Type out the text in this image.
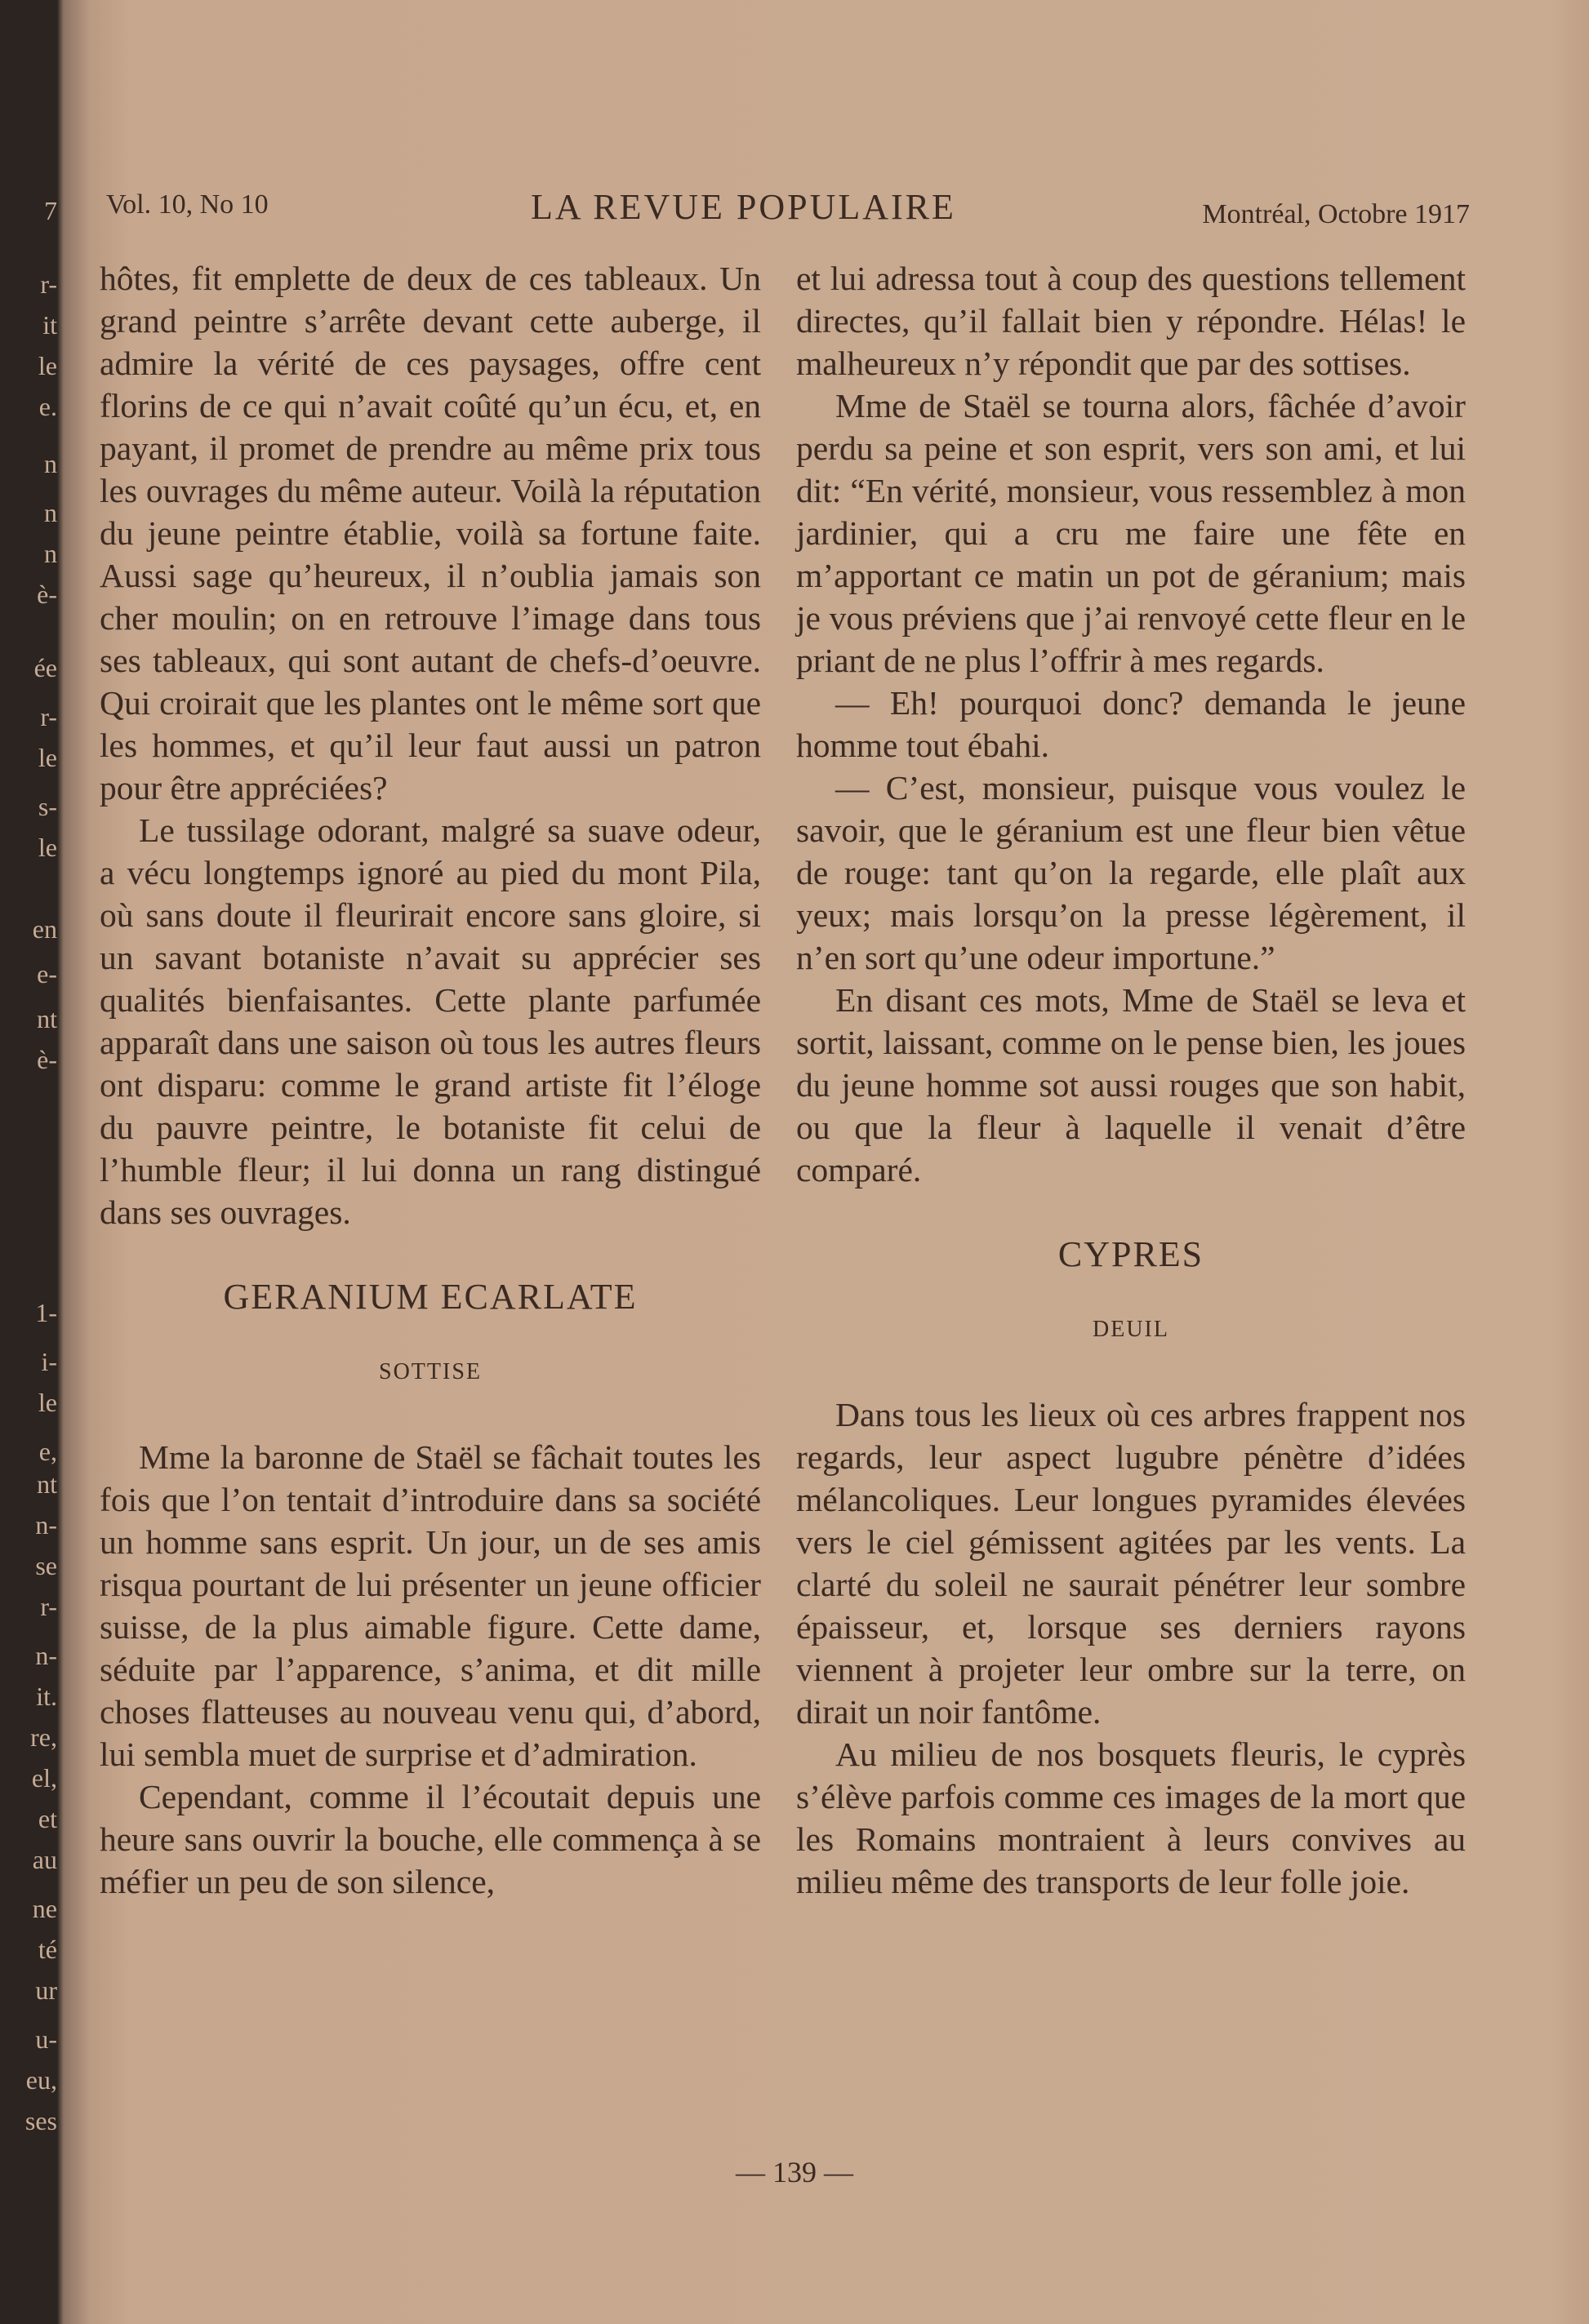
7
r-
it
le
e.
n
n
n
è-
ée
r-
le
s-
le
en
e-
nt
è-
1-
i-
le
e,
nt
n-
se
r-
n-
it.
re,
el,
et
au
ne
té
ur
u-
eu,
ses
Vol. 10, No 10	LA REVUE POPULAIRE	Montréal, Octobre 1917

hôtes, fit emplette de deux de ces tableaux. Un grand peintre s’arrête devant cette auberge, il admire la vérité de ces paysages, offre cent florins de ce qui n’avait coûté qu’un écu, et, en payant, il promet de prendre au même prix tous les ouvrages du même auteur. Voilà la réputation du jeune peintre établie, voilà sa fortune faite. Aussi sage qu’heureux, il n’oublia jamais son cher moulin; on en retrouve l’image dans tous ses tableaux, qui sont autant de chefs-d’oeuvre. Qui croirait que les plantes ont le même sort que les hommes, et qu’il leur faut aussi un patron pour être appréciées?

Le tussilage odorant, malgré sa suave odeur, a vécu longtemps ignoré au pied du mont Pila, où sans doute il fleurirait encore sans gloire, si un savant botaniste n’avait su apprécier ses qualités bienfaisantes. Cette plante parfumée apparaît dans une saison où tous les autres fleurs ont disparu: comme le grand artiste fit l’éloge du pauvre peintre, le botaniste fit celui de l’humble fleur; il lui donna un rang distingué dans ses ouvrages.

GERANIUM ECARLATE
SOTTISE

Mme la baronne de Staël se fâchait toutes les fois que l’on tentait d’introduire dans sa société un homme sans esprit. Un jour, un de ses amis risqua pourtant de lui présenter un jeune officier suisse, de la plus aimable figure. Cette dame, séduite par l’apparence, s’anima, et dit mille choses flatteuses au nouveau venu qui, d’abord, lui sembla muet de surprise et d’admiration.

Cependant, comme il l’écoutait depuis une heure sans ouvrir la bouche, elle commença à se méfier un peu de son silence,

et lui adressa tout à coup des questions tellement directes, qu’il fallait bien y répondre. Hélas! le malheureux n’y répondit que par des sottises.

Mme de Staël se tourna alors, fâchée d’avoir perdu sa peine et son esprit, vers son ami, et lui dit: “En vérité, monsieur, vous ressemblez à mon jardinier, qui a cru me faire une fête en m’apportant ce matin un pot de géranium; mais je vous préviens que j’ai renvoyé cette fleur en le priant de ne plus l’offrir à mes regards.

— Eh! pourquoi donc? demanda le jeune homme tout ébahi.

— C’est, monsieur, puisque vous voulez le savoir, que le géranium est une fleur bien vêtue de rouge: tant qu’on la regarde, elle plaît aux yeux; mais lorsqu’on la presse légèrement, il n’en sort qu’une odeur importune.”

En disant ces mots, Mme de Staël se leva et sortit, laissant, comme on le pense bien, les joues du jeune homme sot aussi rouges que son habit, ou que la fleur à laquelle il venait d’être comparé.

CYPRES
DEUIL

Dans tous les lieux où ces arbres frappent nos regards, leur aspect lugubre pénètre d’idées mélancoliques. Leur longues pyramides élevées vers le ciel gémissent agitées par les vents. La clarté du soleil ne saurait pénétrer leur sombre épaisseur, et, lorsque ses derniers rayons viennent à projeter leur ombre sur la terre, on dirait un noir fantôme.

Au milieu de nos bosquets fleuris, le cyprès s’élève parfois comme ces images de la mort que les Romains montraient à leurs convives au milieu même des transports de leur folle joie.

— 139 —
